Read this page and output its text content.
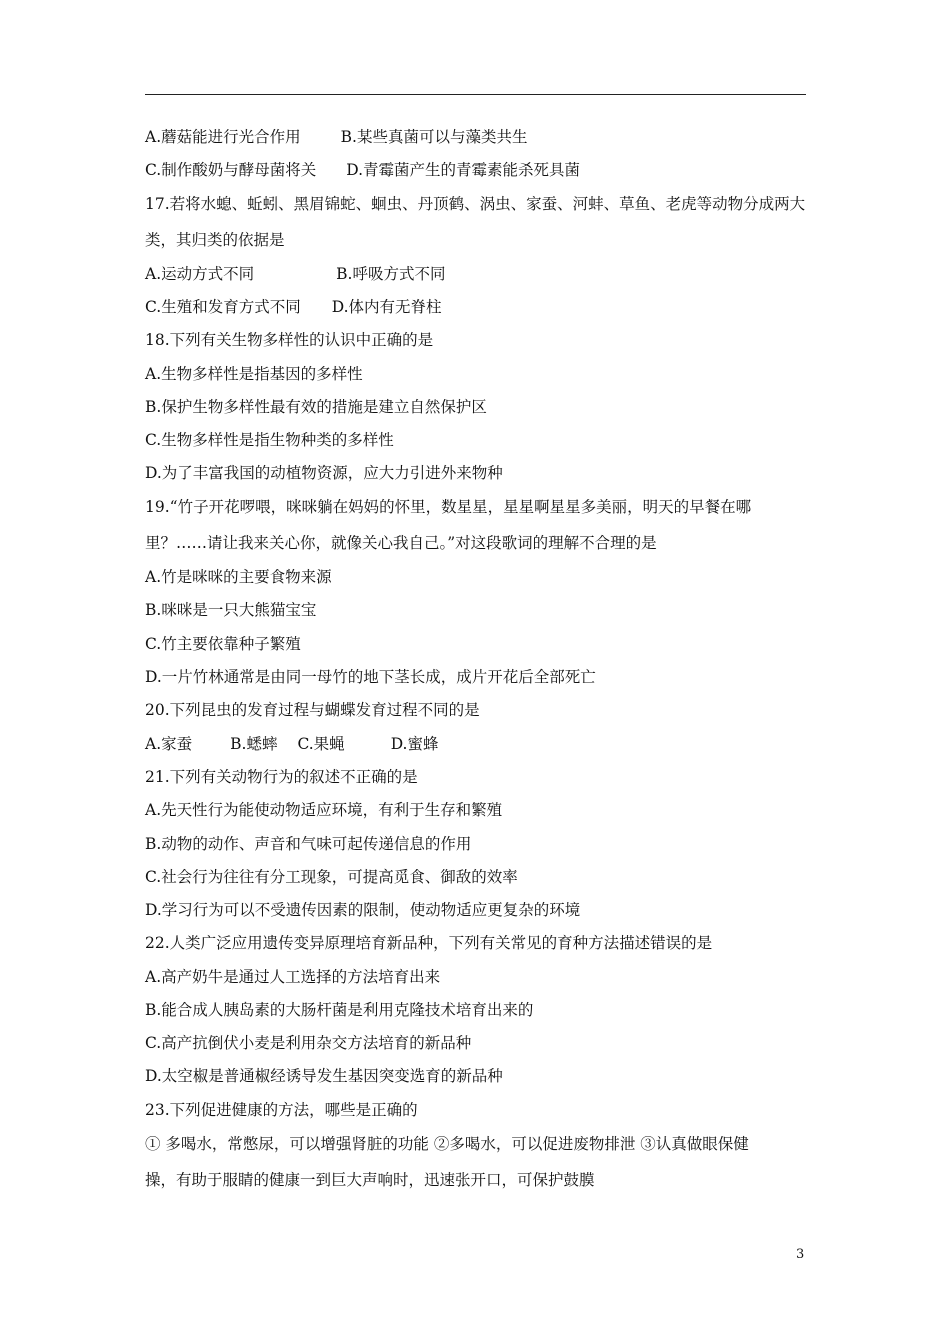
A.蘑菇能进行光合作用	B.某些真菌可以与藻类共生
C.制作酸奶与酵母菌将关 D.青霉菌产生的青霉素能杀死具菌
17.若将水螅、蚯蚓、黑眉锦蛇、蛔虫、丹顶鹤、涡虫、家蚕、河蚌、草鱼、老虎等动物分成两大
类，其归类的依据是
A.运动方式不同	B.呼吸方式不同
C.生殖和发育方式不同 D.体内有无脊柱
18.下列有关生物多样性的认识中正确的是
A.生物多样性是指基因的多样性
B.保护生物多样性最有效的措施是建立自然保护区
C.生物多样性是指生物种类的多样性
D.为了丰富我国的动植物资源，应大力引进外来物种
19.“竹子开花啰喂，咪咪躺在妈妈的怀里，数星星，星星啊星星多美丽，明天的早餐在哪
里？……请让我来关心你，就像关心我自己。”对这段歌词的理解不合理的是
A.竹是咪咪的主要食物来源
B.咪咪是一只大熊猫宝宝
C.竹主要依靠种子繁殖
D.一片竹林通常是由同一母竹的地下茎长成，成片开花后全部死亡
20.下列昆虫的发育过程与蝴蝶发育过程不同的是
A.家蚕 B.蟋蟀 C.果蝇	D.蜜蜂
21.下列有关动物行为的叙述不正确的是
A.先天性行为能使动物适应环境，有利于生存和繁殖
B.动物的动作、声音和气味可起传递信息的作用
C.社会行为往往有分工现象，可提高觅食、御敌的效率
D.学习行为可以不受遗传因素的限制，使动物适应更复杂的环境
22.人类广泛应用遗传变异原理培育新品种，下列有关常见的育种方法描述错误的是
A.高产奶牛是通过人工选择的方法培育出来
B.能合成人胰岛素的大肠杆菌是利用克隆技术培育出来的
C.高产抗倒伏小麦是利用杂交方法培育的新品种
D.太空椒是普通椒经诱导发生基因突变选育的新品种
23.下列促进健康的方法，哪些是正确的
① 多喝水，常憋尿，可以增强肾脏的功能 ②多喝水，可以促进废物排泄 ③认真做眼保健
操，有助于服睛的健康一到巨大声响时，迅速张开口，可保护鼓膜
3
